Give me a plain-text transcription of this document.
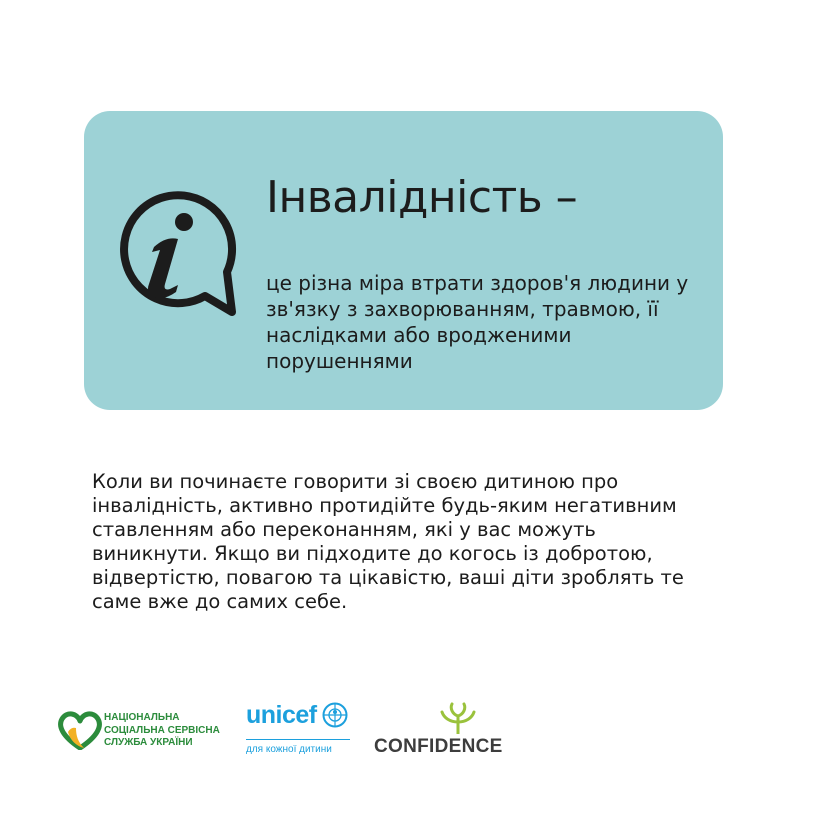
Інвалідність –

це різна міра втрати здоров'я людини у зв'язку з захворюванням, травмою, її наслідками або вродженими порушеннями

Коли ви починаєте говорити зі своєю дитиною про інвалідність, активно протидійте будь-яким негативним ставленням або переконанням, які у вас можуть виникнути. Якщо ви підходите до когось із добротою, відвертістю, повагою та цікавістю, ваші діти зроблять те саме вже до самих себе.

НАЦІОНАЛЬНА
СОЦІАЛЬНА СЕРВІСНА
СЛУЖБА УКРАЇНИ
unicef
для кожної дитини CONFIDENCE
